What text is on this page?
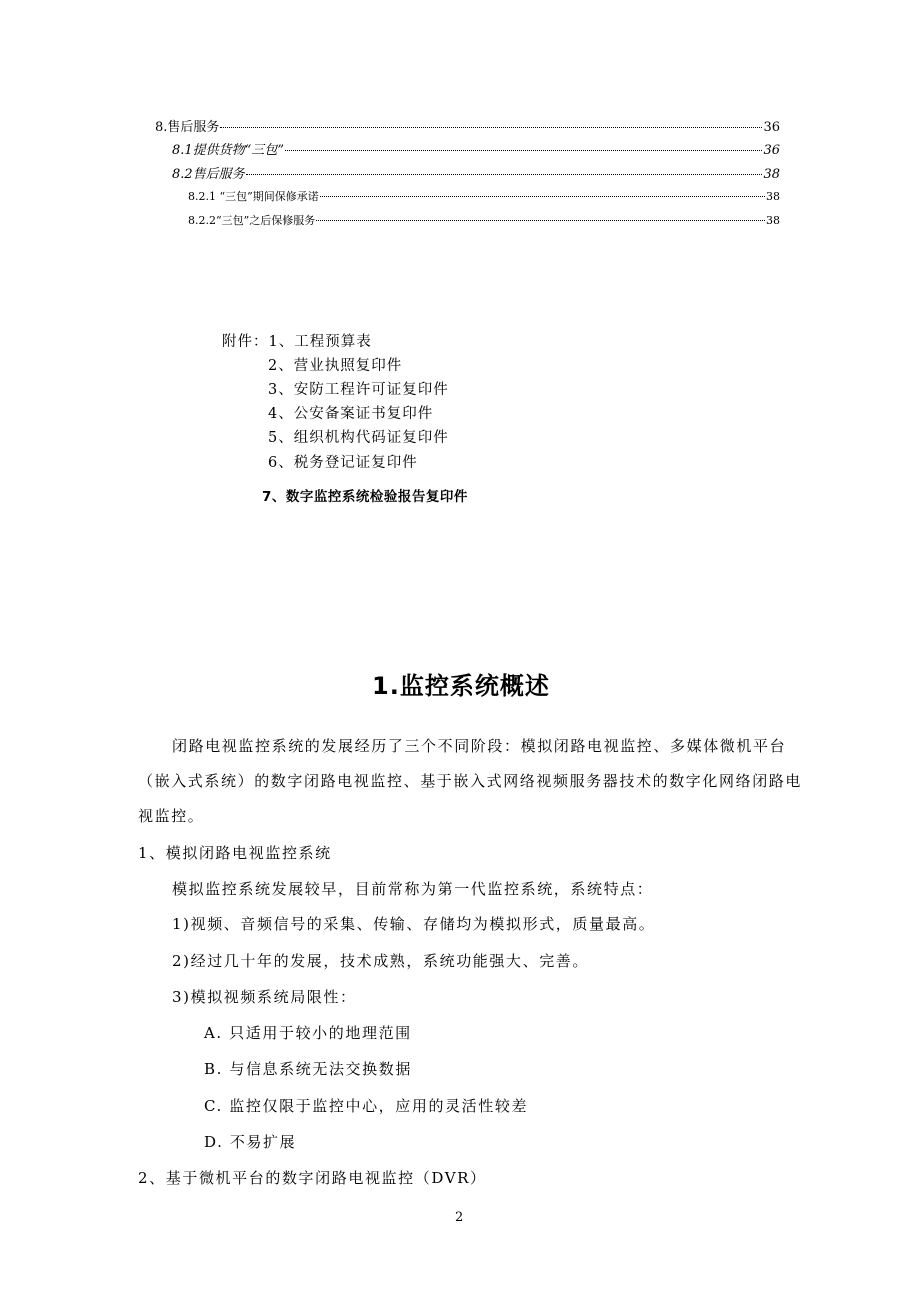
8.售后服务	36
8.1提供货物“三包”	36
8.2售后服务	38
8.2.1 “三包”期间保修承诺	38
8.2.2“三包”之后保修服务	38
附件：1、工程预算表
2、营业执照复印件
3、安防工程许可证复印件
4、公安备案证书复印件
5、组织机构代码证复印件
6、税务登记证复印件
7、数字监控系统检验报告复印件
1.监控系统概述
闭路电视监控系统的发展经历了三个不同阶段：模拟闭路电视监控、多媒体微机平台
（嵌入式系统）的数字闭路电视监控、基于嵌入式网络视频服务器技术的数字化网络闭路电
视监控。
1、模拟闭路电视监控系统
模拟监控系统发展较早，目前常称为第一代监控系统，系统特点：
1)视频、音频信号的采集、传输、存储均为模拟形式，质量最高。
2)经过几十年的发展，技术成熟，系统功能强大、完善。
3)模拟视频系统局限性：
A. 只适用于较小的地理范围
B. 与信息系统无法交换数据
C. 监控仅限于监控中心，应用的灵活性较差
D. 不易扩展
2、基于微机平台的数字闭路电视监控（DVR）
2
